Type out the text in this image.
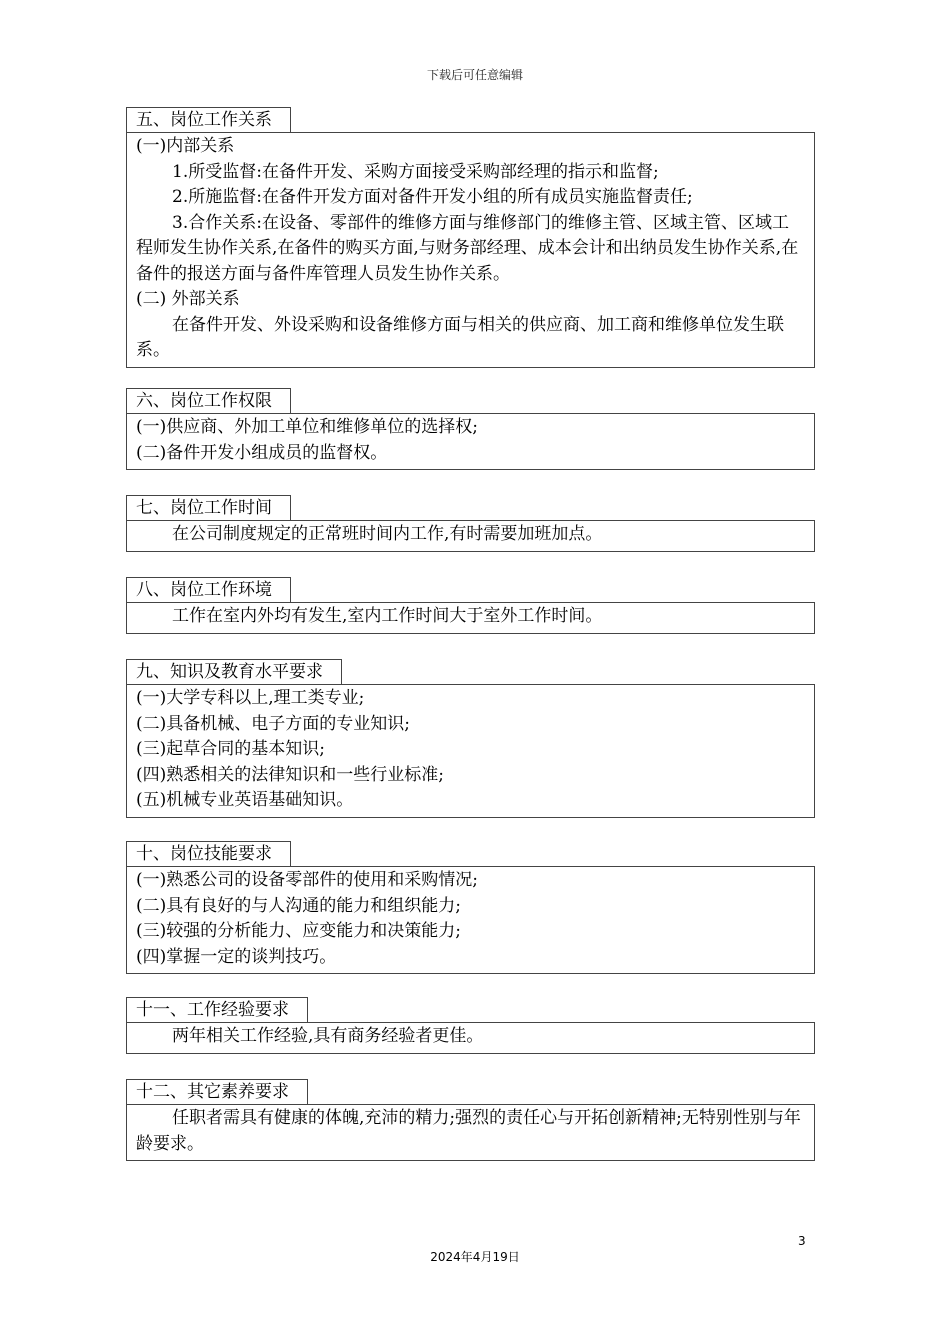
下载后可任意编辑
五、岗位工作关系
(一)内部关系
1.所受监督:在备件开发、采购方面接受采购部经理的指示和监督;
2.所施监督:在备件开发方面对备件开发小组的所有成员实施监督责任;
3.合作关系:在设备、零部件的维修方面与维修部门的维修主管、区域主管、区域工程师发生协作关系,在备件的购买方面,与财务部经理、成本会计和出纳员发生协作关系,在备件的报送方面与备件库管理人员发生协作关系。
(二) 外部关系
在备件开发、外设采购和设备维修方面与相关的供应商、加工商和维修单位发生联系。
六、岗位工作权限
(一)供应商、外加工单位和维修单位的选择权;
(二)备件开发小组成员的监督权。
七、岗位工作时间
在公司制度规定的正常班时间内工作,有时需要加班加点。
八、岗位工作环境
工作在室内外均有发生,室内工作时间大于室外工作时间。
九、知识及教育水平要求
(一)大学专科以上,理工类专业;
(二)具备机械、电子方面的专业知识;
(三)起草合同的基本知识;
(四)熟悉相关的法律知识和一些行业标准;
(五)机械专业英语基础知识。
十、岗位技能要求
(一)熟悉公司的设备零部件的使用和采购情况;
(二)具有良好的与人沟通的能力和组织能力;
(三)较强的分析能力、应变能力和决策能力;
(四)掌握一定的谈判技巧。
十一、工作经验要求
两年相关工作经验,具有商务经验者更佳。
十二、其它素养要求
任职者需具有健康的体魄,充沛的精力;强烈的责任心与开拓创新精神;无特别性别与年龄要求。
3
2024年4月19日
